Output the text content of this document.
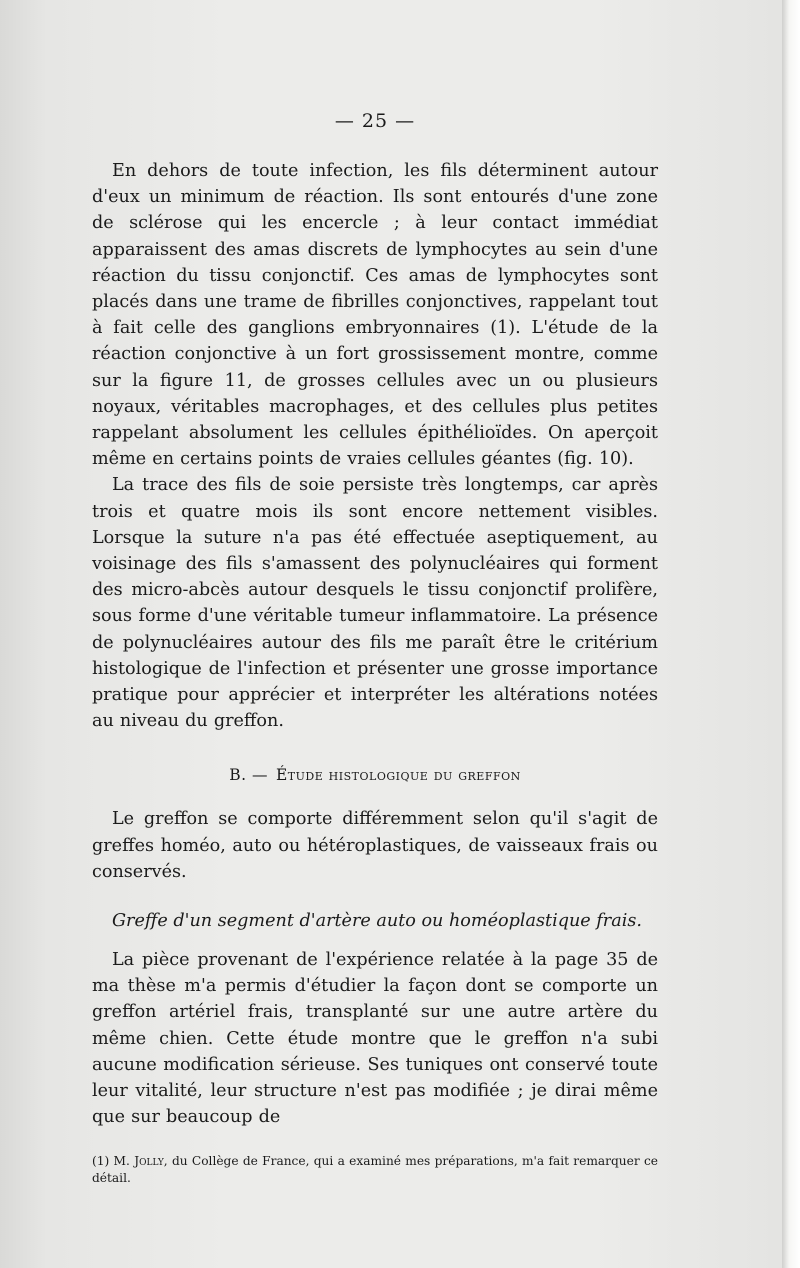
— 25 —

En dehors de toute infection, les fils déterminent autour d'eux un minimum de réaction. Ils sont entourés d'une zone de sclérose qui les encercle ; à leur contact immédiat apparaissent des amas discrets de lymphocytes au sein d'une réaction du tissu conjonctif. Ces amas de lymphocytes sont placés dans une trame de fibrilles conjonctives, rappelant tout à fait celle des ganglions embryonnaires (1). L'étude de la réaction conjonctive à un fort grossissement montre, comme sur la figure 11, de grosses cellules avec un ou plusieurs noyaux, véritables macrophages, et des cellules plus petites rappelant absolument les cellules épithélioïdes. On aperçoit même en certains points de vraies cellules géantes (fig. 10).

La trace des fils de soie persiste très longtemps, car après trois et quatre mois ils sont encore nettement visibles. Lorsque la suture n'a pas été effectuée aseptiquement, au voisinage des fils s'amassent des polynucléaires qui forment des micro-abcès autour desquels le tissu conjonctif prolifère, sous forme d'une véritable tumeur inflammatoire. La présence de polynucléaires autour des fils me paraît être le critérium histologique de l'infection et présenter une grosse importance pratique pour apprécier et interpréter les altérations notées au niveau du greffon.

B. — Étude histologique du greffon

Le greffon se comporte différemment selon qu'il s'agit de greffes homéo, auto ou hétéroplastiques, de vaisseaux frais ou conservés.

Greffe d'un segment d'artère auto ou homéoplastique frais.

La pièce provenant de l'expérience relatée à la page 35 de ma thèse m'a permis d'étudier la façon dont se comporte un greffon artériel frais, transplanté sur une autre artère du même chien. Cette étude montre que le greffon n'a subi aucune modification sérieuse. Ses tuniques ont conservé toute leur vitalité, leur structure n'est pas modifiée ; je dirai même que sur beaucoup de

(1) M. Jolly, du Collège de France, qui a examiné mes préparations, m'a fait remarquer ce détail.
